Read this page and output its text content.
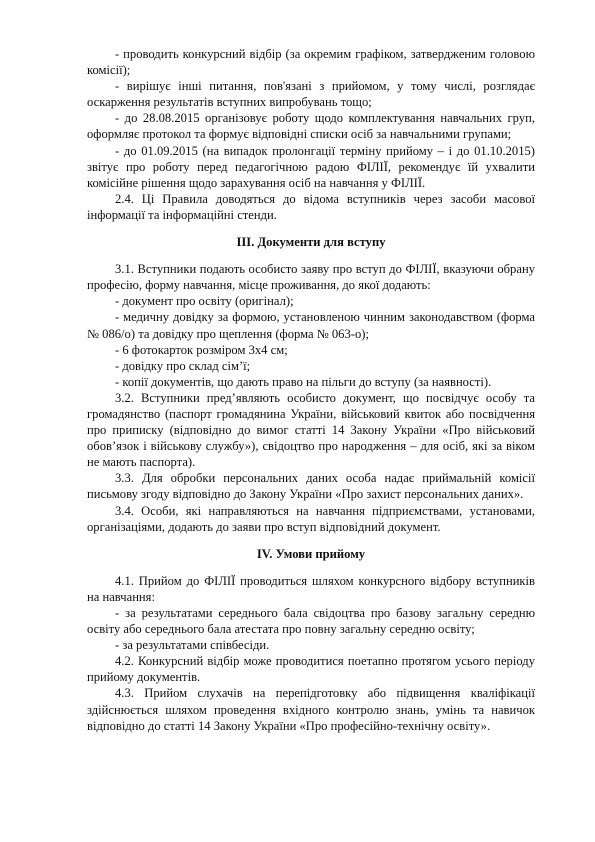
- проводить конкурсний відбір (за окремим графіком, затвердженим головою комісії);

- вирішує інші питання, пов'язані з прийомом, у тому числі, розглядає оскарження результатів вступних випробувань тощо;

- до 28.08.2015 організовує роботу щодо комплектування навчальних груп, оформляє протокол та формує відповідні списки осіб за навчальними групами;

- до 01.09.2015 (на випадок пролонгації терміну прийому – і до 01.10.2015) звітує про роботу перед педагогічною радою ФІЛІЇ, рекомендує їй ухвалити комісійне рішення щодо зарахування осіб на навчання у ФІЛІЇ.

2.4. Ці Правила доводяться до відома вступників через засоби масової інформації та інформаційні стенди.

ІІІ. Документи для вступу

3.1. Вступники подають особисто заяву про вступ до ФІЛІЇ, вказуючи обрану професію, форму навчання, місце проживання, до якої додають:

- документ про освіту (оригінал);

- медичну довідку за формою, установленою чинним законодавством (форма № 086/о) та довідку про щеплення (форма № 063-о);

- 6 фотокарток розміром 3х4 см;

- довідку про склад сім’ї;

- копії документів, що дають право на пільги до вступу (за наявності).

3.2. Вступники пред’являють особисто документ, що посвідчує особу та громадянство (паспорт громадянина України, військовий квиток або посвідчення про приписку (відповідно до вимог статті 14 Закону України «Про військовий обов’язок і військову службу»), свідоцтво про народження – для осіб, які за віком не мають паспорта).

3.3. Для обробки персональних даних особа надає приймальній комісії письмову згоду відповідно до Закону України «Про захист персональних даних».

3.4. Особи, які направляються на навчання підприємствами, установами, організаціями, додають до заяви про вступ відповідний документ.

IV. Умови прийому

4.1. Прийом до ФІЛІЇ проводиться шляхом конкурсного відбору вступників на навчання:

- за результатами середнього бала свідоцтва про базову загальну середню освіту або середнього бала атестата про повну загальну середню освіту;

- за результатами співбесіди.

4.2. Конкурсний відбір може проводитися поетапно протягом усього періоду прийому документів.

4.3. Прийом слухачів на перепідготовку або підвищення кваліфікації здійснюється шляхом проведення вхідного контролю знань, умінь та навичок відповідно до статті 14 Закону України «Про професійно-технічну освіту».
